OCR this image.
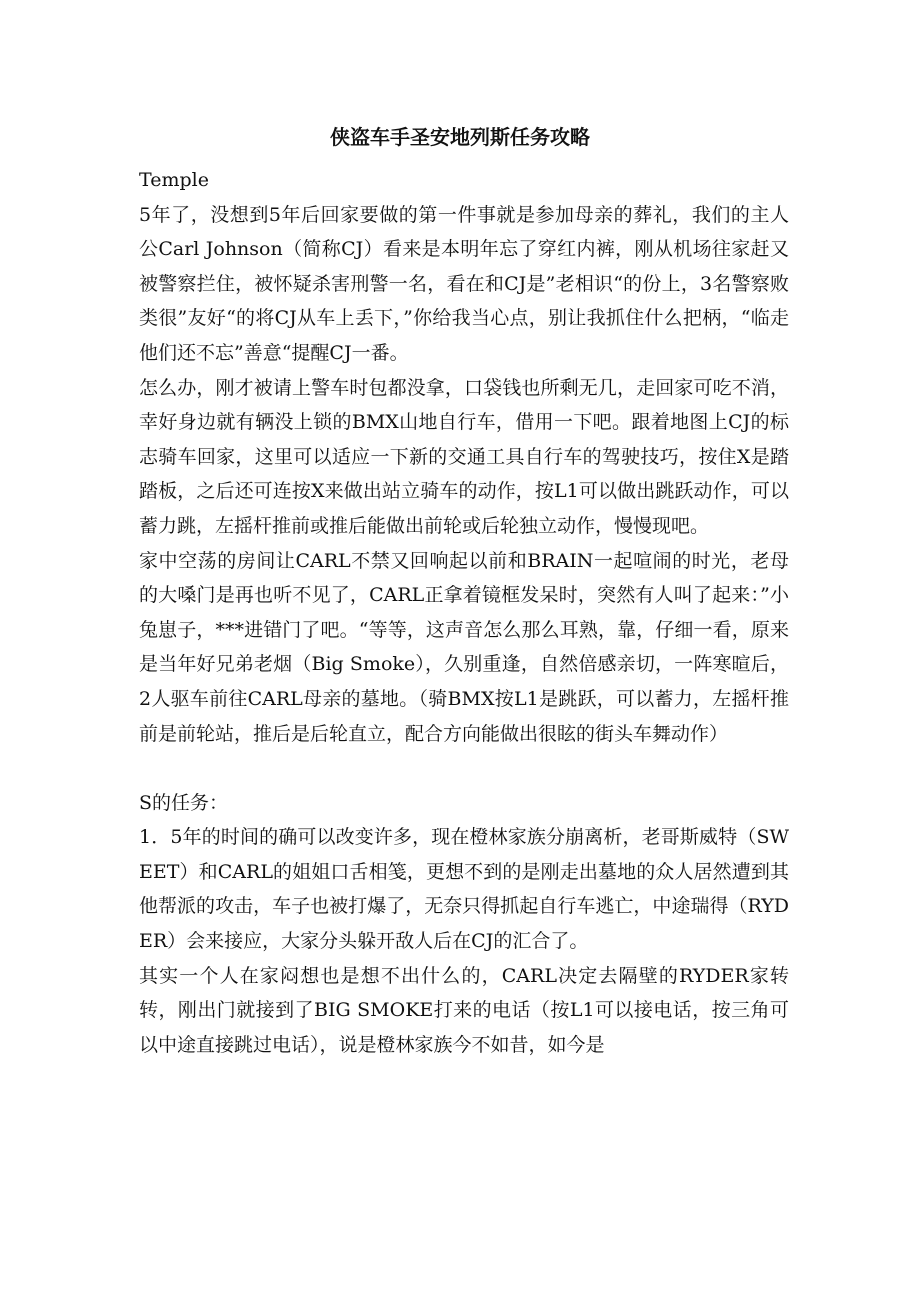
侠盗车手圣安地列斯任务攻略

Temple

5年了，没想到5年后回家要做的第一件事就是参加母亲的葬礼，我们的主人公Carl Johnson（简称CJ）看来是本明年忘了穿红内裤，刚从机场往家赶又被警察拦住，被怀疑杀害刑警一名，看在和CJ是”老相识“的份上，3名警察败类很”友好“的将CJ从车上丢下，”你给我当心点，别让我抓住什么把柄，“临走他们还不忘”善意“提醒CJ一番。

怎么办，刚才被请上警车时包都没拿，口袋钱也所剩无几，走回家可吃不消，幸好身边就有辆没上锁的BMX山地自行车，借用一下吧。跟着地图上CJ的标志骑车回家，这里可以适应一下新的交通工具自行车的驾驶技巧，按住X是踏踏板，之后还可连按X来做出站立骑车的动作，按L1可以做出跳跃动作，可以蓄力跳，左摇杆推前或推后能做出前轮或后轮独立动作，慢慢现吧。

家中空荡的房间让CARL不禁又回响起以前和BRAIN一起喧闹的时光，老母的大嗓门是再也听不见了，CARL正拿着镜框发呆时，突然有人叫了起来：”小兔崽子，***进错门了吧。“等等，这声音怎么那么耳熟，靠，仔细一看，原来是当年好兄弟老烟（Big Smoke），久别重逢，自然倍感亲切，一阵寒暄后，2人驱车前往CARL母亲的墓地。（骑BMX按L1是跳跃，可以蓄力，左摇杆推前是前轮站，推后是后轮直立，配合方向能做出很眩的街头车舞动作）

S的任务：

1．5年的时间的确可以改变许多，现在橙林家族分崩离析，老哥斯威特（SWEET）和CARL的姐姐口舌相笺，更想不到的是刚走出墓地的众人居然遭到其他帮派的攻击，车子也被打爆了，无奈只得抓起自行车逃亡，中途瑞得（RYDER）会来接应，大家分头躲开敌人后在CJ的汇合了。

其实一个人在家闷想也是想不出什么的，CARL决定去隔壁的RYDER家转转，刚出门就接到了BIG SMOKE打来的电话（按L1可以接电话，按三角可以中途直接跳过电话），说是橙林家族今不如昔，如今是
